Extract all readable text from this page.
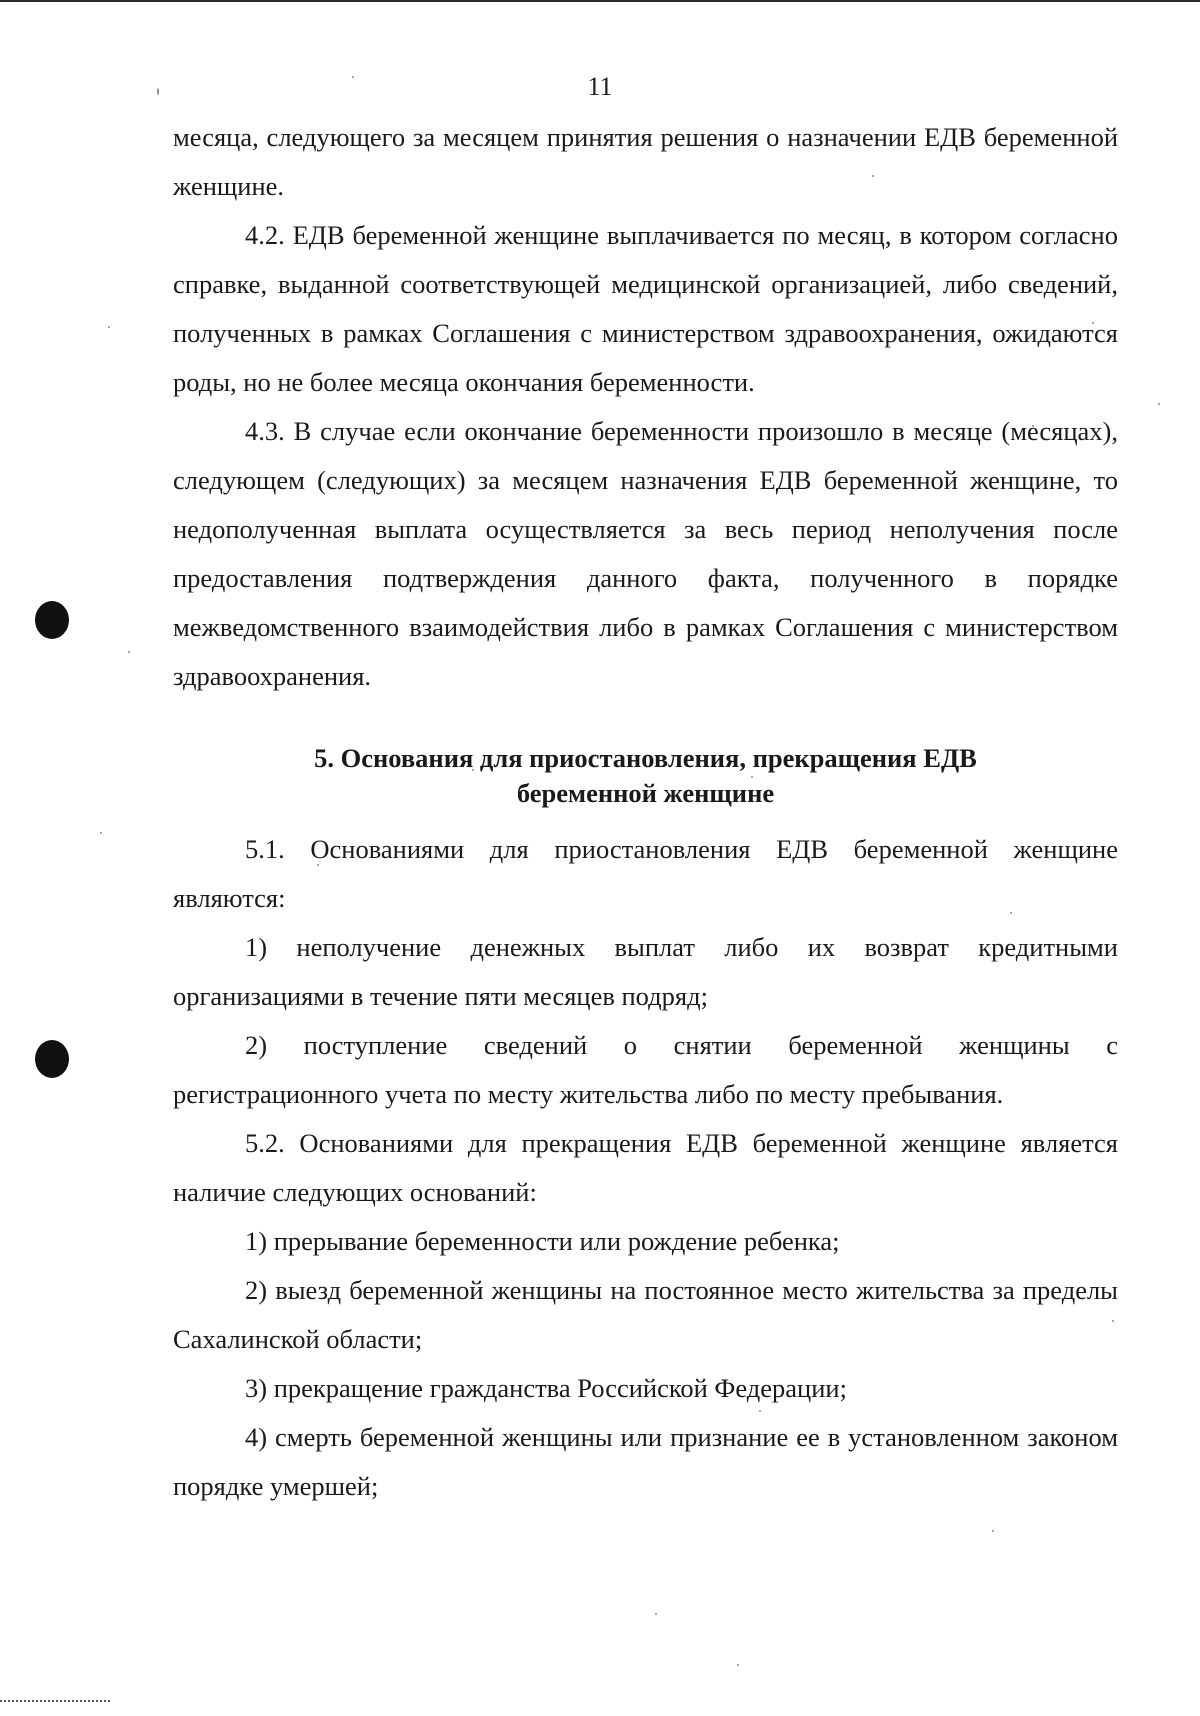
11

месяца, следующего за месяцем принятия решения о назначении ЕДВ беременной женщине.

4.2. ЕДВ беременной женщине выплачивается по месяц, в котором согласно справке, выданной соответствующей медицинской организацией, либо сведений, полученных в рамках Соглашения с министерством здравоохранения, ожидаются роды, но не более месяца окончания беременности.

4.3. В случае если окончание беременности произошло в месяце (месяцах), следующем (следующих) за месяцем назначения ЕДВ беременной женщине, то недополученная выплата осуществляется за весь период неполучения после предоставления подтверждения данного факта, полученного в порядке межведомственного взаимодействия либо в рамках Соглашения с министерством здравоохранения.

5. Основания для приостановления, прекращения ЕДВ
беременной женщине

5.1. Основаниями для приостановления ЕДВ беременной женщине являются:

1) неполучение денежных выплат либо их возврат кредитными организациями в течение пяти месяцев подряд;

2) поступление сведений о снятии беременной женщины с регистрационного учета по месту жительства либо по месту пребывания.

5.2. Основаниями для прекращения ЕДВ беременной женщине является наличие следующих оснований:

1) прерывание беременности или рождение ребенка;

2) выезд беременной женщины на постоянное место жительства за пределы Сахалинской области;

3) прекращение гражданства Российской Федерации;

4) смерть беременной женщины или признание ее в установленном законом порядке умершей;
